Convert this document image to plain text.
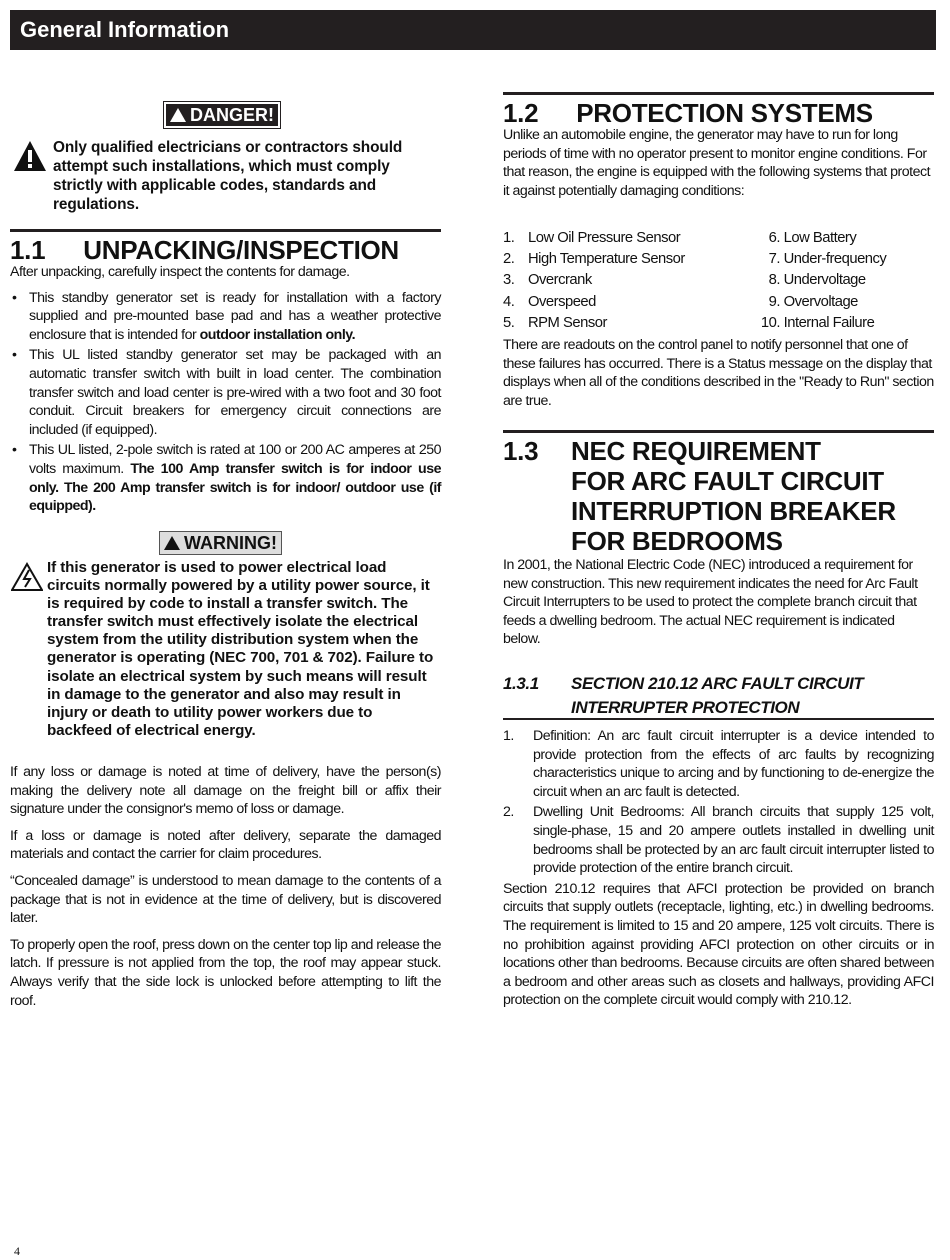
General Information
DANGER!
Only qualified electricians or contractors should attempt such installations, which must comply strictly with applicable codes, standards and regulations.
1.1 UNPACKING/INSPECTION

After unpacking, carefully inspect the contents for damage.

• This standby generator set is ready for installation with a factory supplied and pre-mounted base pad and has a weather protective enclosure that is intended for outdoor installation only.

• This UL listed standby generator set may be packaged with an automatic transfer switch with built in load center. The combination transfer switch and load center is pre-wired with a two foot and 30 foot conduit. Circuit breakers for emergency circuit connections are included (if equipped).

• This UL listed, 2-pole switch is rated at 100 or 200 AC amperes at 250 volts maximum. The 100 Amp transfer switch is for indoor use only. The 200 Amp transfer switch is for indoor/ outdoor use (if equipped).

WARNING!
If this generator is used to power electrical load circuits normally powered by a utility power source, it is required by code to install a transfer switch. The transfer switch must effectively isolate the electrical system from the utility distribution system when the generator is operating (NEC 700, 701 & 702). Failure to isolate an electrical system by such means will result in damage to the generator and also may result in injury or death to utility power workers due to backfeed of electrical energy.

If any loss or damage is noted at time of delivery, have the person(s) making the delivery note all damage on the freight bill or affix their signature under the consignor's memo of loss or damage.

If a loss or damage is noted after delivery, separate the damaged materials and contact the carrier for claim procedures.

“Concealed damage” is understood to mean damage to the contents of a package that is not in evidence at the time of delivery, but is discovered later.

To properly open the roof, press down on the center top lip and release the latch. If pressure is not applied from the top, the roof may appear stuck. Always verify that the side lock is unlocked before attempting to lift the roof.

1.2 PROTECTION SYSTEMS
Unlike an automobile engine, the generator may have to run for long periods of time with no operator present to monitor engine conditions. For that reason, the engine is equipped with the following systems that protect it against potentially damaging conditions:
1. Low Oil Pressure Sensor
2. High Temperature Sensor
3. Overcrank
4. Overspeed
5. RPM Sensor
6. Low Battery
7. Under-frequency
8. Undervoltage
9. Overvoltage
10. Internal Failure
There are readouts on the control panel to notify personnel that one of these failures has occurred. There is a Status message on the display that displays when all of the conditions described in the "Ready to Run" section are true.
1.3 NEC REQUIREMENT
FOR ARC FAULT CIRCUIT
INTERRUPTION BREAKER
FOR BEDROOMS
In 2001, the National Electric Code (NEC) introduced a requirement for new construction. This new requirement indicates the need for Arc Fault Circuit Interrupters to be used to protect the complete branch circuit that feeds a dwelling bedroom. The actual NEC requirement is indicated below.
1.3.1 SECTION 210.12 ARC FAULT CIRCUIT
INTERRUPTER PROTECTION

1. Definition: An arc fault circuit interrupter is a device intended to provide protection from the effects of arc faults by recognizing characteristics unique to arcing and by functioning to de-energize the circuit when an arc fault is detected.

2. Dwelling Unit Bedrooms: All branch circuits that supply 125 volt, single-phase, 15 and 20 ampere outlets installed in dwelling unit bedrooms shall be protected by an arc fault circuit interrupter listed to provide protection of the entire branch circuit.

Section 210.12 requires that AFCI protection be provided on branch circuits that supply outlets (receptacle, lighting, etc.) in dwelling bedrooms. The requirement is limited to 15 and 20 ampere, 125 volt circuits. There is no prohibition against providing AFCI protection on other circuits or in locations other than bedrooms. Because circuits are often shared between a bedroom and other areas such as closets and hallways, providing AFCI protection on the complete circuit would comply with 210.12.

4
